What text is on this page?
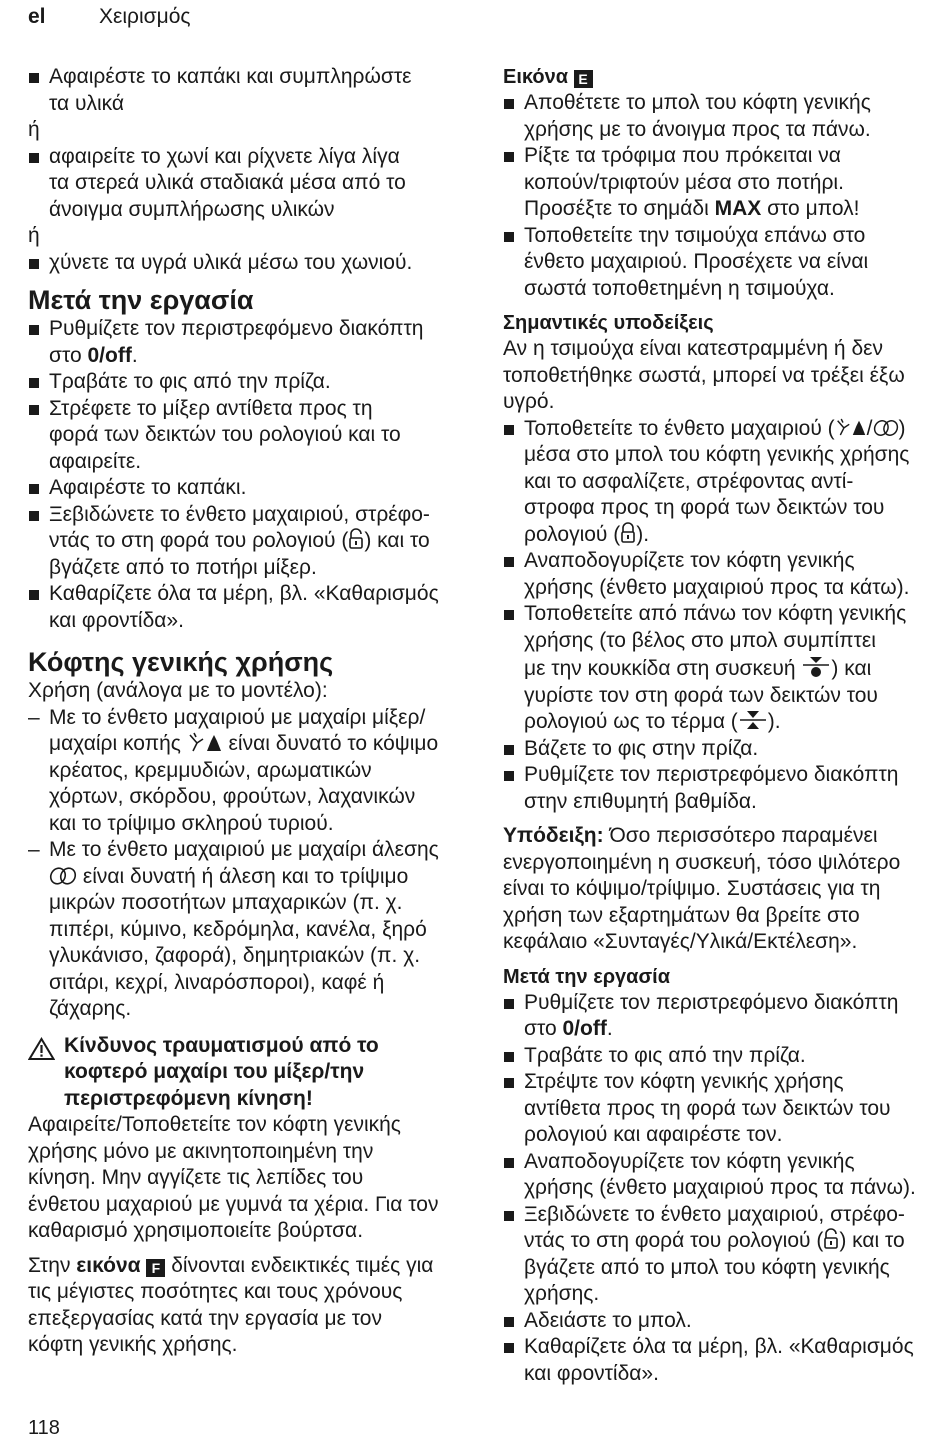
el	Χειρισμός
Αφαιρέστε το καπάκι και συμπληρώστε
τα υλικά
ή
αφαιρείτε το χωνί και ρίχνετε λίγα λίγα
τα στερεά υλικά σταδιακά μέσα από το
άνοιγμα συμπλήρωσης υλικών
ή
χύνετε τα υγρά υλικά μέσω του χωνιού.
Μετά την εργασία
Ρυθμίζετε τον περιστρεφόμενο διακόπτη
στο 0/off.
Τραβάτε το φις από την πρίζα.
Στρέφετε το μίξερ αντίθετα προς τη
φορά των δεικτών του ρολογιού και το
αφαιρείτε.
Αφαιρέστε το καπάκι.
Ξεβιδώνετε το ένθετο μαχαιριού, στρέφο-
ντάς το στη φορά του ρολογιού ( ) και το
βγάζετε από το ποτήρι μίξερ.
Καθαρίζετε όλα τα μέρη, βλ. «Καθαρισμός
και φροντίδα».
Κόφτης γενικής χρήσης
Χρήση (ανάλογα με το μοντέλο):
– Με το ένθετο μαχαιριού με μαχαίρι μίξερ/
μαχαίρι κοπής  είναι δυνατό το κόψιμο
κρέατος, κρεμμυδιών, αρωματικών
χόρτων, σκόρδου, φρούτων, λαχανικών
και το τρίψιμο σκληρού τυριού.
– Με το ένθετο μαχαιριού με μαχαίρι άλεσης
είναι δυνατή ή άλεση και το τρίψιμο
μικρών ποσοτήτων μπαχαρικών (π. χ.
πιπέρι, κύμινο, κεδρόμηλα, κανέλα, ξηρό
γλυκάνισο, ζαφορά), δημητριακών (π. χ.
σιτάρι, κεχρί, λιναρόσποροι), καφέ ή
ζάχαρης.
Κίνδυνος τραυματισμού από το
κοφτερό μαχαίρι του μίξερ/την
περιστρεφόμενη κίνηση!
Αφαιρείτε/Τοποθετείτε τον κόφτη γενικής
χρήσης μόνο με ακινητοποιημένη την
κίνηση. Μην αγγίζετε τις λεπίδες του
ένθετου μαχαριού με γυμνά τα χέρια. Για τον
καθαρισμό χρησιμοποιείτε βούρτσα.
Στην εικόνα F δίνονται ενδεικτικές τιμές για
τις μέγιστες ποσότητες και τους χρόνους
επεξεργασίας κατά την εργασία με τον
κόφτη γενικής χρήσης.
Εικόνα E
Αποθέτετε το μπολ του κόφτη γενικής
χρήσης με το άνοιγμα προς τα πάνω.
Ρίξτε τα τρόφιμα που πρόκειται να
κοπούν/τριφτούν μέσα στο ποτήρι.
Προσέξτε το σημάδι MAX στο μπολ!
Τοποθετείτε την τσιμούχα επάνω στο
ένθετο μαχαιριού. Προσέχετε να είναι
σωστά τοποθετημένη η τσιμούχα.
Σημαντικές υποδείξεις
Αν η τσιμούχα είναι κατεστραμμένη ή δεν
τοποθετήθηκε σωστά, μπορεί να τρέξει έξω
υγρό.
Τοποθετείτε το ένθετο μαχαιριού ( / )
μέσα στο μπολ του κόφτη γενικής χρήσης
και το ασφαλίζετε, στρέφοντας αντί-
στροφα προς τη φορά των δεικτών του
ρολογιού ( ).
Αναποδογυρίζετε τον κόφτη γενικής
χρήσης (ένθετο μαχαιριού προς τα κάτω).
Τοποθετείτε από πάνω τον κόφτη γενικής
χρήσης (το βέλος στο μπολ συμπίπτει
με την κουκκίδα στη συσκευή ) και
γυρίστε τον στη φορά των δεικτών του
ρολογιού ως το τέρμα ( ).
Βάζετε το φις στην πρίζα.
Ρυθμίζετε τον περιστρεφόμενο διακόπτη
στην επιθυμητή βαθμίδα.
Υπόδειξη: Όσο περισσότερο παραμένει
ενεργοποιημένη η συσκευή, τόσο ψιλότερο
είναι το κόψιμο/τρίψιμο. Συστάσεις για τη
χρήση των εξαρτημάτων θα βρείτε στο
κεφάλαιο «Συνταγές/Υλικά/Εκτέλεση».
Μετά την εργασία
Ρυθμίζετε τον περιστρεφόμενο διακόπτη
στο 0/off.
Τραβάτε το φις από την πρίζα.
Στρέψτε τον κόφτη γενικής χρήσης
αντίθετα προς τη φορά των δεικτών του
ρολογιού και αφαιρέστε τον.
Αναποδογυρίζετε τον κόφτη γενικής
χρήσης (ένθετο μαχαιριού προς τα πάνω).
Ξεβιδώνετε το ένθετο μαχαιριού, στρέφο-
ντάς το στη φορά του ρολογιού ( ) και το
βγάζετε από το μπολ του κόφτη γενικής
χρήσης.
Αδειάστε το μπολ.
Καθαρίζετε όλα τα μέρη, βλ. «Καθαρισμός
και φροντίδα».
118
